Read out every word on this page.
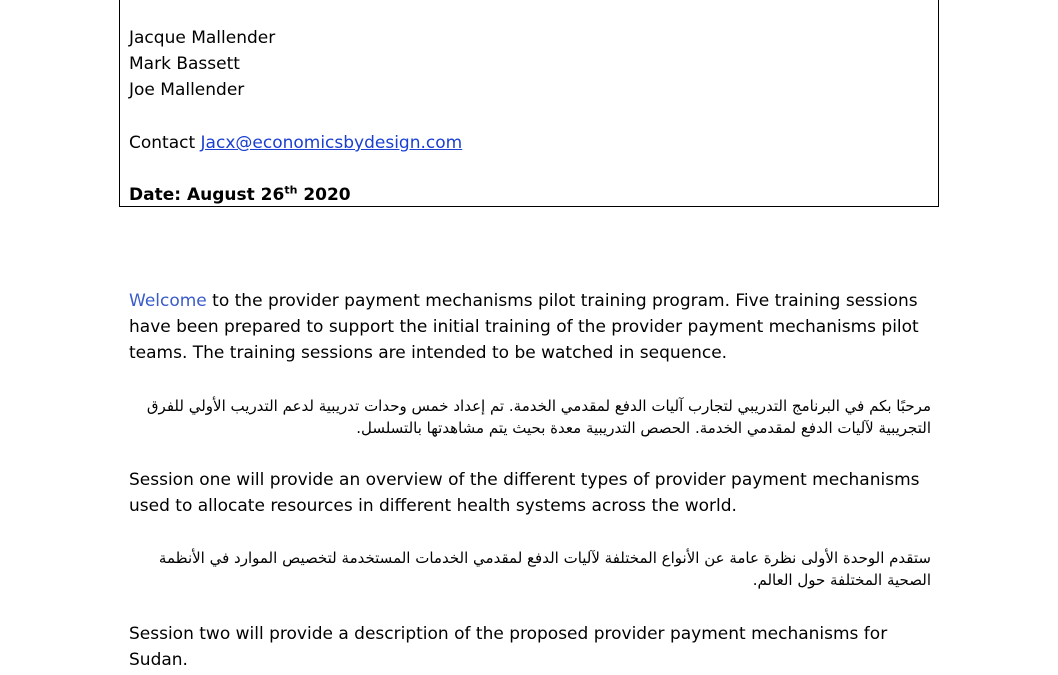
Jacque Mallender
Mark Bassett
Joe Mallender
Contact Jacx@economicsbydesign.com
Date: August 26th 2020
Welcome to the provider payment mechanisms pilot training program. Five training sessions have been prepared to support the initial training of the provider payment mechanisms pilot teams. The training sessions are intended to be watched in sequence.
مرحبًا بكم في البرنامج التدريبي لتجارب آليات الدفع لمقدمي الخدمة. تم إعداد خمس وحدات تدريبية لدعم التدريب الأولي للفرق التجريبية لآليات الدفع لمقدمي الخدمة. الحصص التدريبية معدة بحيث يتم مشاهدتها بالتسلسل.
Session one will provide an overview of the different types of provider payment mechanisms used to allocate resources in different health systems across the world.
ستقدم الوحدة الأولى نظرة عامة عن الأنواع المختلفة لآليات الدفع لمقدمي الخدمات المستخدمة لتخصيص الموارد في الأنظمة الصحية المختلفة حول العالم.
Session two will provide a description of the proposed provider payment mechanisms for Sudan.
